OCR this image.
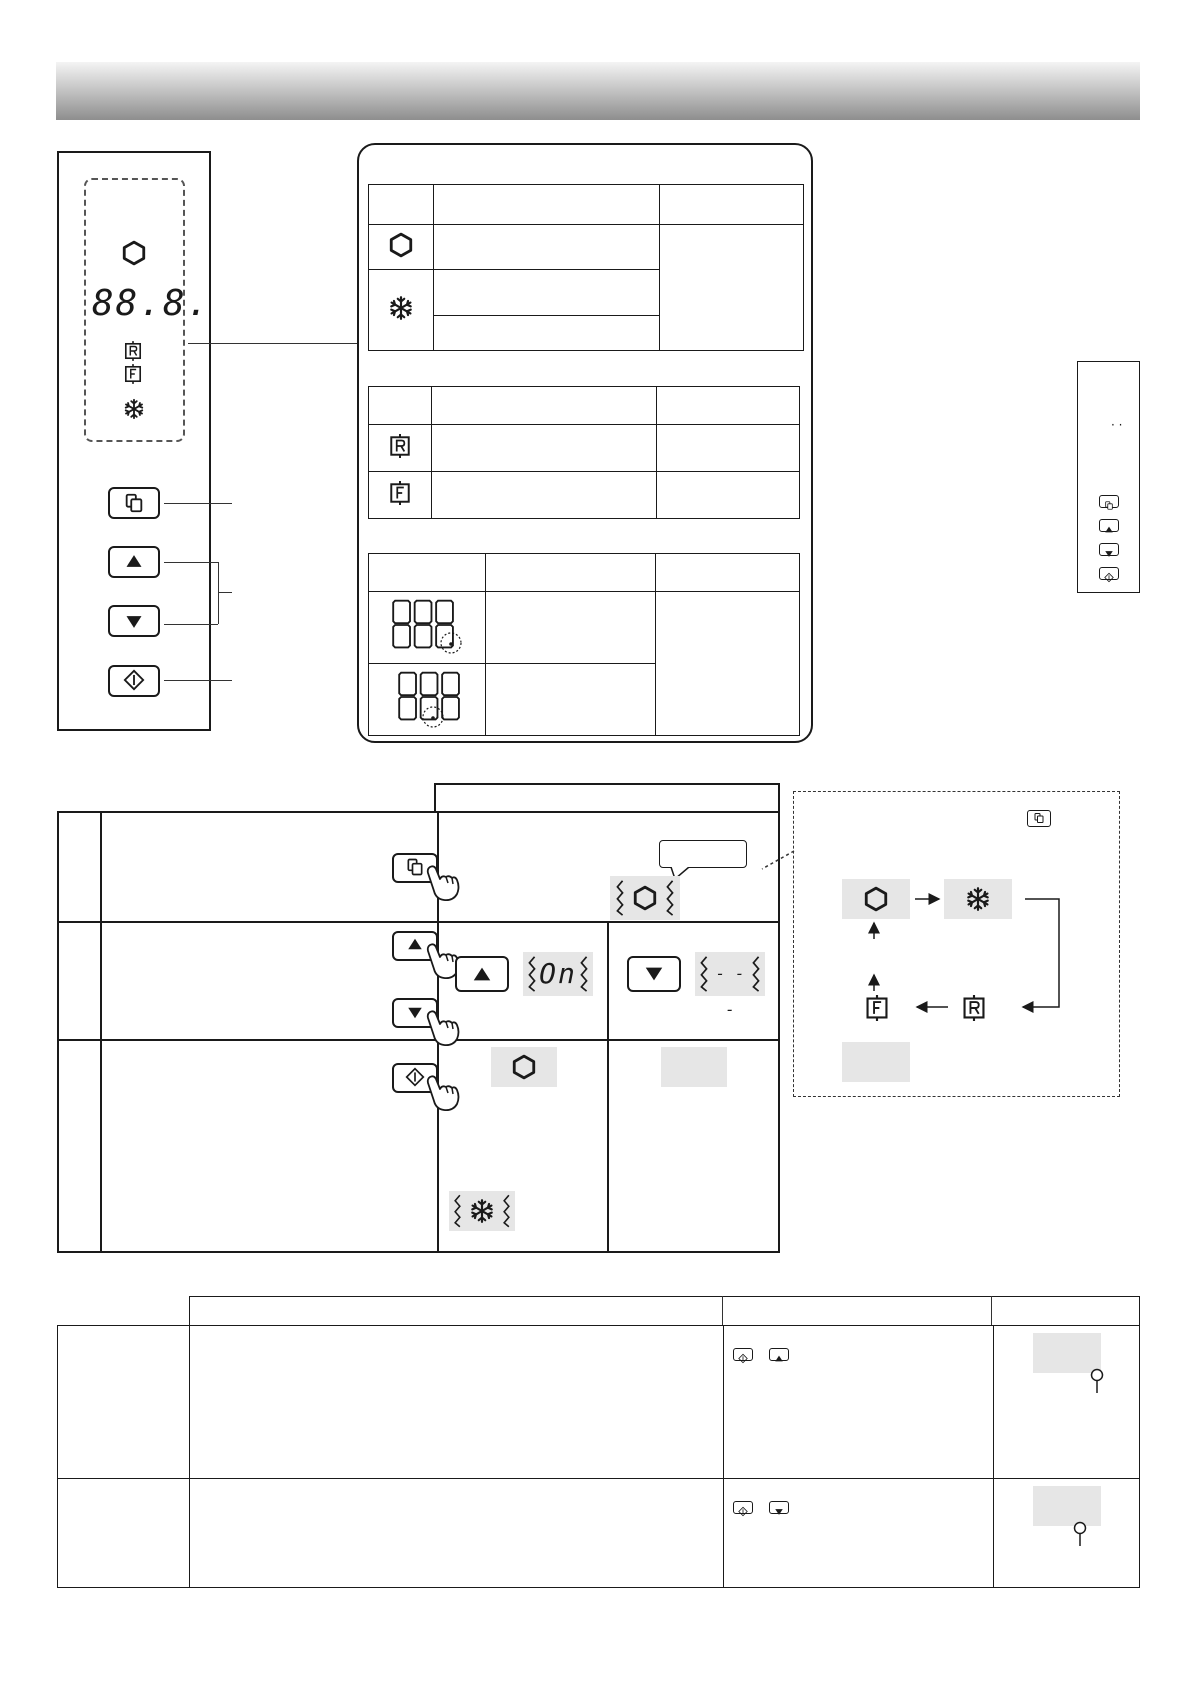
88.8.

· ·

On	- - -
